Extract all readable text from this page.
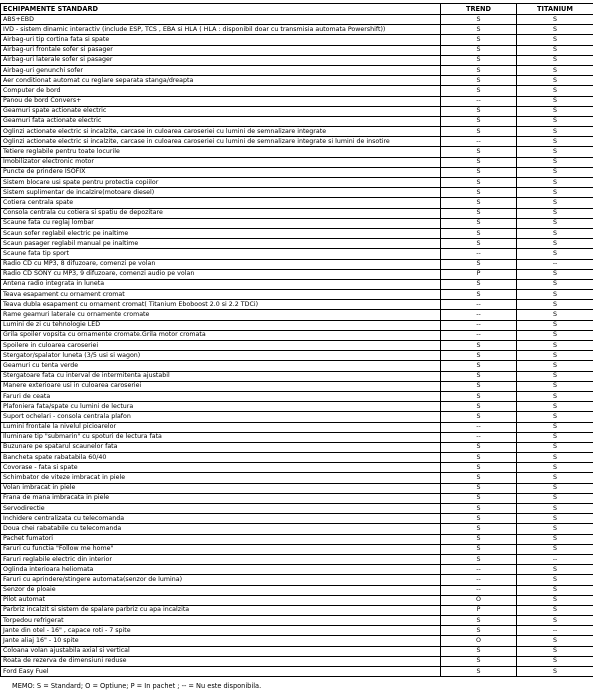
ECHIPAMENTE STANDARD	TREND	TITANIUM
ABS+EBD	S	S
IVD - sistem dinamic interactiv (include ESP, TCS , EBA si HLA ( HLA : disponibil doar cu transmisia automata Powershift))	S	S
Airbag-uri tip cortina fata si spate	S	S
Airbag-uri frontale sofer si pasager	S	S
Airbag-uri laterale sofer si pasager	S	S
Airbag-uri genunchi sofer	S	S
Aer conditionat automat cu reglare separata stanga/dreapta	S	S
Computer de bord	S	S
Panou de bord Convers+	--	S
Geamuri spate actionate electric	S	S
Geamuri fata actionate electric	S	S
Oglinzi actionate electric si incalzite, carcase in culoarea caroseriei cu lumini de semnalizare integrate	S	S
Oglinzi actionate electric si incalzite, carcase in culoarea caroseriei cu lumini de semnalizare integrate si lumini de insotire	--	S
Tetiere reglabile pentru toate locurile	S	S
Imobilizator electronic motor	S	S
Puncte de prindere ISOFIX	S	S
Sistem blocare usi spate pentru protectia copiilor	S	S
Sistem suplimentar de incalzire(motoare diesel)	S	S
Cotiera centrala spate	S	S
Consola centrala cu cotiera si spatiu de depozitare	S	S
Scaune fata cu reglaj lombar	S	S
Scaun sofer reglabil electric pe inaltime	S	S
Scaun pasager reglabil manual pe inaltime	S	S
Scaune fata tip sport	--	S
Radio CD cu MP3, 8 difuzoare, comenzi pe volan	S	--
Radio CD SONY cu MP3, 9 difuzoare, comenzi audio pe volan	P	S
Antena radio integrata in luneta	S	S
Teava esapament cu ornament cromat	S	S
Teava dubla esapament cu ornament cromat( Titanium Eboboost 2.0 si 2.2 TDCi)	--	S
Rame geamuri laterale cu ornamente cromate	--	S
Lumini de zi cu tehnologie LED	--	S
Grila spoiler vopsita cu ornamente cromate.Grila motor cromata	--	S
Spoilere in culoarea caroseriei	S	S
Stergator/spalator luneta (3/5 usi si wagon)	S	S
Geamuri cu tenta verde	S	S
Stergatoare fata cu interval de intermitenta ajustabil	S	S
Manere exterioare usi in culoarea caroseriei	S	S
Faruri de ceata	S	S
Plafoniera fata/spate cu lumini de lectura	S	S
Suport ochelari - consola centrala plafon	S	S
Lumini frontale la nivelul picioarelor	--	S
Iluminare tip "submarin" cu spoturi de lectura fata	--	S
Buzunare pe spatarul scaunelor fata	S	S
Bancheta spate rabatabila 60/40	S	S
Covorase - fata si spate	S	S
Schimbator de viteze imbracat in piele	S	S
Volan imbracat in piele	S	S
Frana de mana imbracata in piele	S	S
Servodirectie	S	S
Inchidere centralizata cu telecomanda	S	S
Doua chei rabatabile cu telecomanda	S	S
Pachet fumatori	S	S
Faruri cu functia "Follow me home"	S	S
Faruri reglabile electric din interior	S	--
Oglinda interioara heliomata	--	S
Faruri cu aprindere/stingere automata(senzor de lumina)	--	S
Senzor de ploaie	--	S
Pilot automat	O	S
Parbriz incalzit si sistem de spalare parbriz cu apa incalzita	P	S
Torpedou refrigerat	S	S
Jante din otel - 16" , capace roti - 7 spite	S	--
Jante aliaj 16" - 10 spite	O	S
Coloana volan ajustabila axial si vertical	S	S
Roata de rezerva de dimensiuni reduse	S	S
Ford Easy Fuel	S	S
MEMO: S = Standard; O = Optiune; P = In pachet ; -- = Nu este disponibila.
